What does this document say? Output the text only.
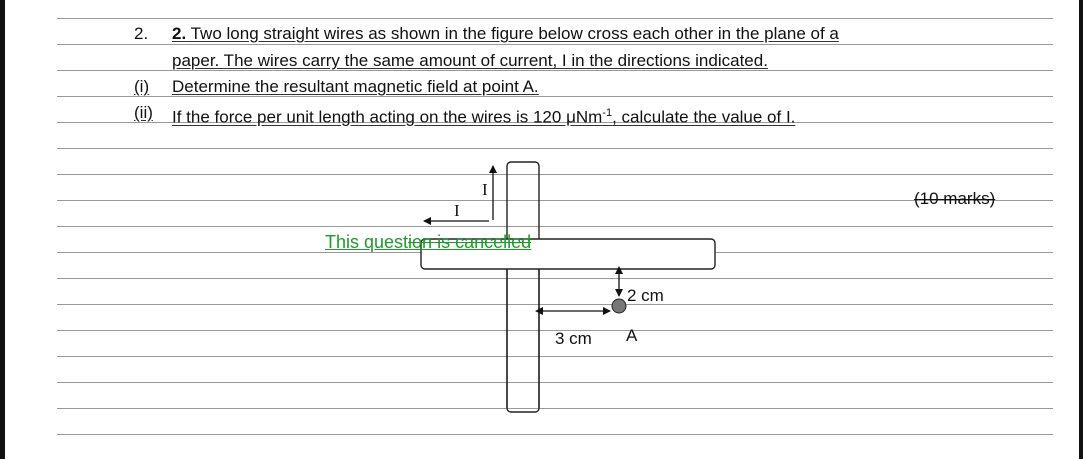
2. 2. Two long straight wires as shown in the figure below cross each other in the plane of a
paper. The wires carry the same amount of current, I in the directions indicated.
(i) Determine the resultant magnetic field at point A.
(ii) If the force per unit length acting on the wires is 120 μNm$^{-1}$, calculate the value of I.
(10 marks)
I
I
2 cm
3 cm A
This question is cancelled
